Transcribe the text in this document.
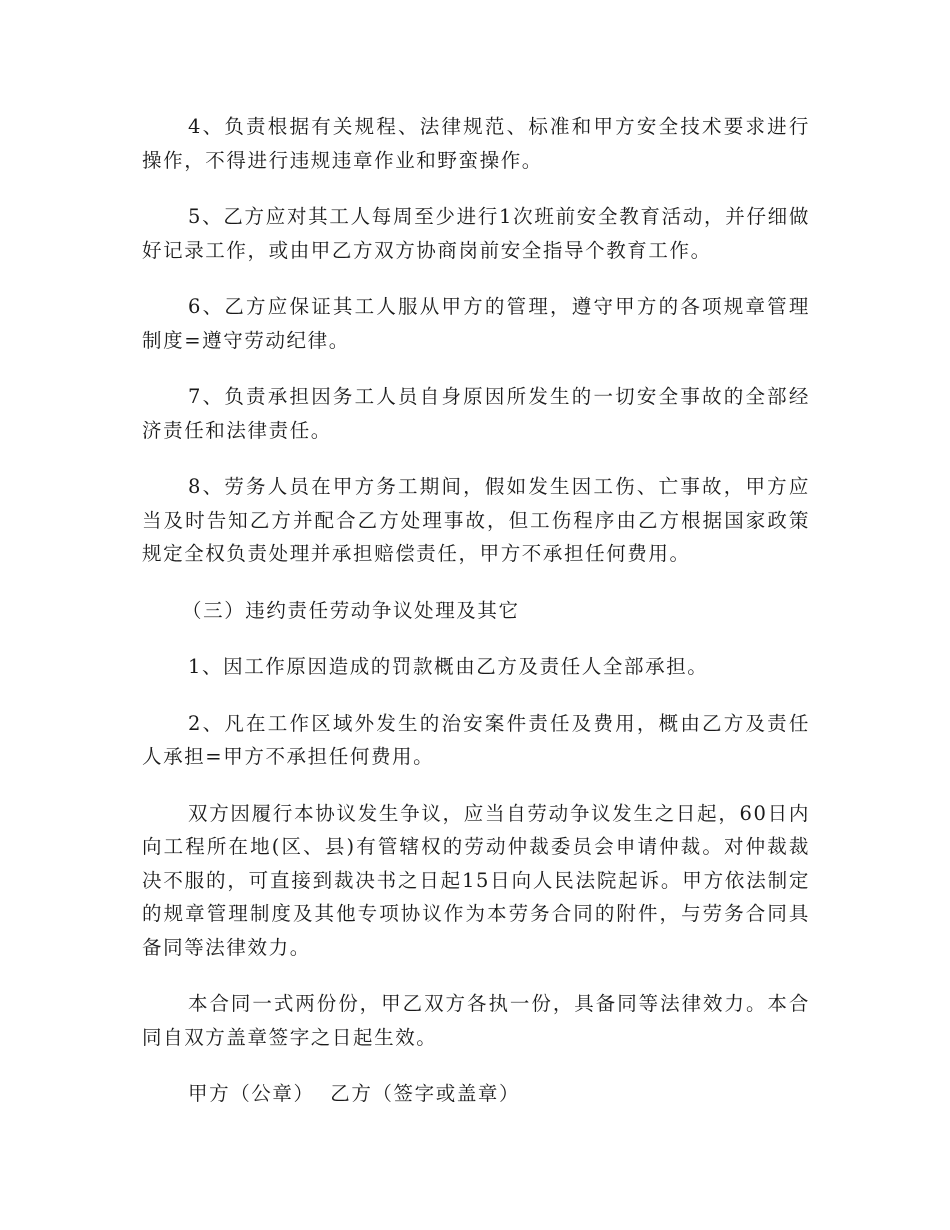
4、负责根据有关规程、法律规范、标准和甲方安全技术要求进行操作，不得进行违规违章作业和野蛮操作。

5、乙方应对其工人每周至少进行1次班前安全教育活动，并仔细做好记录工作，或由甲乙方双方协商岗前安全指导个教育工作。

6、乙方应保证其工人服从甲方的管理，遵守甲方的各项规章管理制度=遵守劳动纪律。

7、负责承担因务工人员自身原因所发生的一切安全事故的全部经济责任和法律责任。

8、劳务人员在甲方务工期间，假如发生因工伤、亡事故，甲方应当及时告知乙方并配合乙方处理事故，但工伤程序由乙方根据国家政策规定全权负责处理并承担赔偿责任，甲方不承担任何费用。

（三）违约责任劳动争议处理及其它

1、因工作原因造成的罚款概由乙方及责任人全部承担。

2、凡在工作区域外发生的治安案件责任及费用，概由乙方及责任人承担=甲方不承担任何费用。

双方因履行本协议发生争议，应当自劳动争议发生之日起，60日内向工程所在地(区、县)有管辖权的劳动仲裁委员会申请仲裁。对仲裁裁决不服的，可直接到裁决书之日起15日向人民法院起诉。甲方依法制定的规章管理制度及其他专项协议作为本劳务合同的附件，与劳务合同具备同等法律效力。

本合同一式两份份，甲乙双方各执一份，具备同等法律效力。本合同自双方盖章签字之日起生效。

甲方（公章） 乙方（签字或盖章）
